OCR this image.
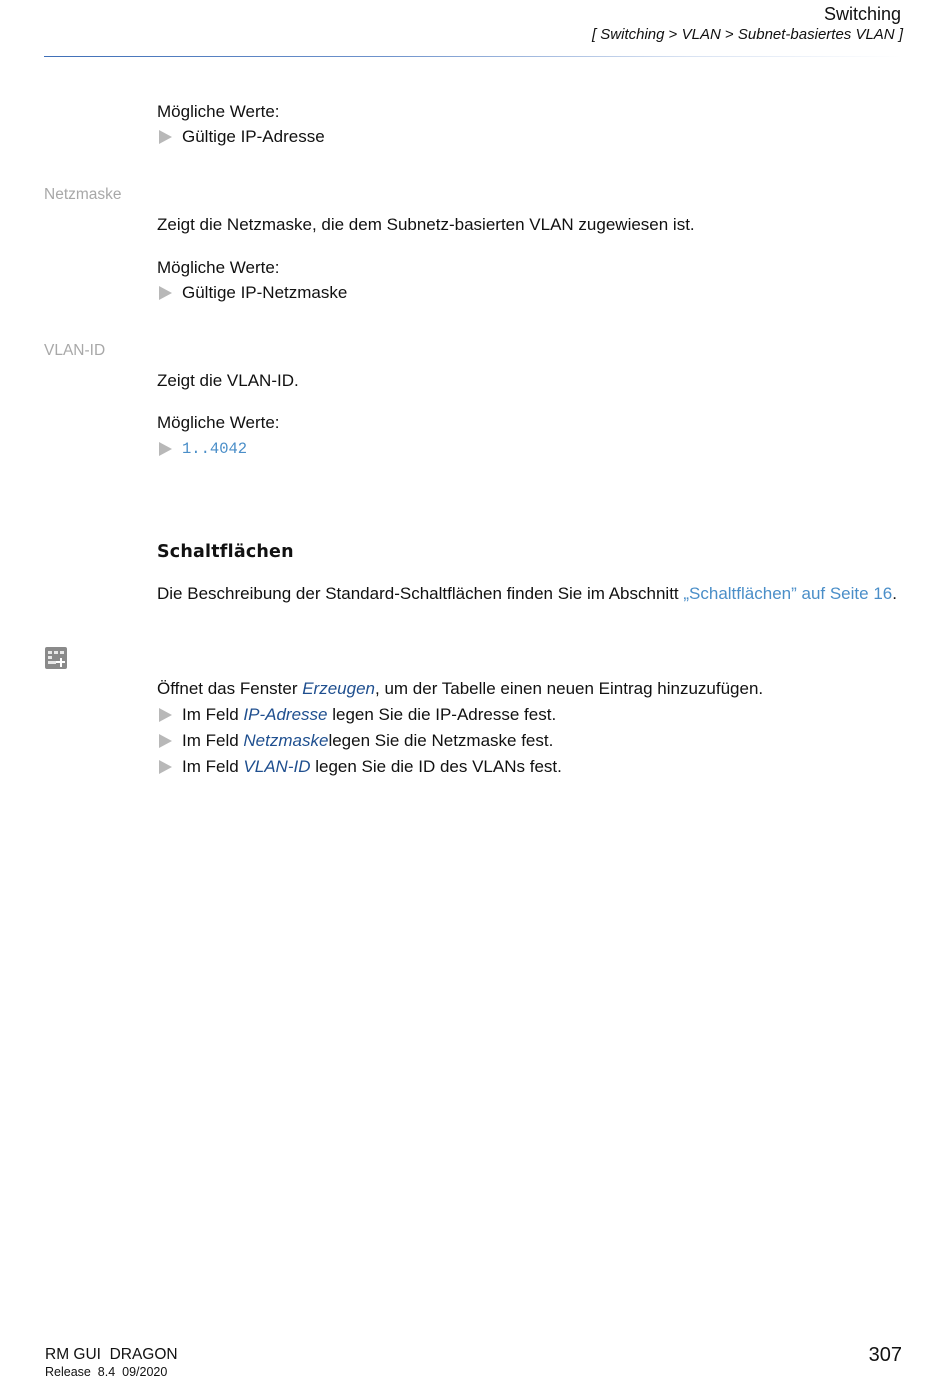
Switching
[ Switching > VLAN > Subnet-basiertes VLAN ]
Mögliche Werte:
Gültige IP-Adresse
Netzmaske
Zeigt die Netzmaske, die dem Subnetz-basierten VLAN zugewiesen ist.
Mögliche Werte:
Gültige IP-Netzmaske
VLAN-ID
Zeigt die VLAN-ID.
Mögliche Werte:
1..4042
Schaltflächen
Die Beschreibung der Standard-Schaltflächen finden Sie im Abschnitt „Schaltflächen” auf Seite 16.
Öffnet das Fenster Erzeugen, um der Tabelle einen neuen Eintrag hinzuzufügen.
Im Feld IP-Adresse legen Sie die IP-Adresse fest.
Im Feld Netzmaskelegen Sie die Netzmaske fest.
Im Feld VLAN-ID legen Sie die ID des VLANs fest.
RM GUI  DRAGON
Release  8.4  09/2020
307
